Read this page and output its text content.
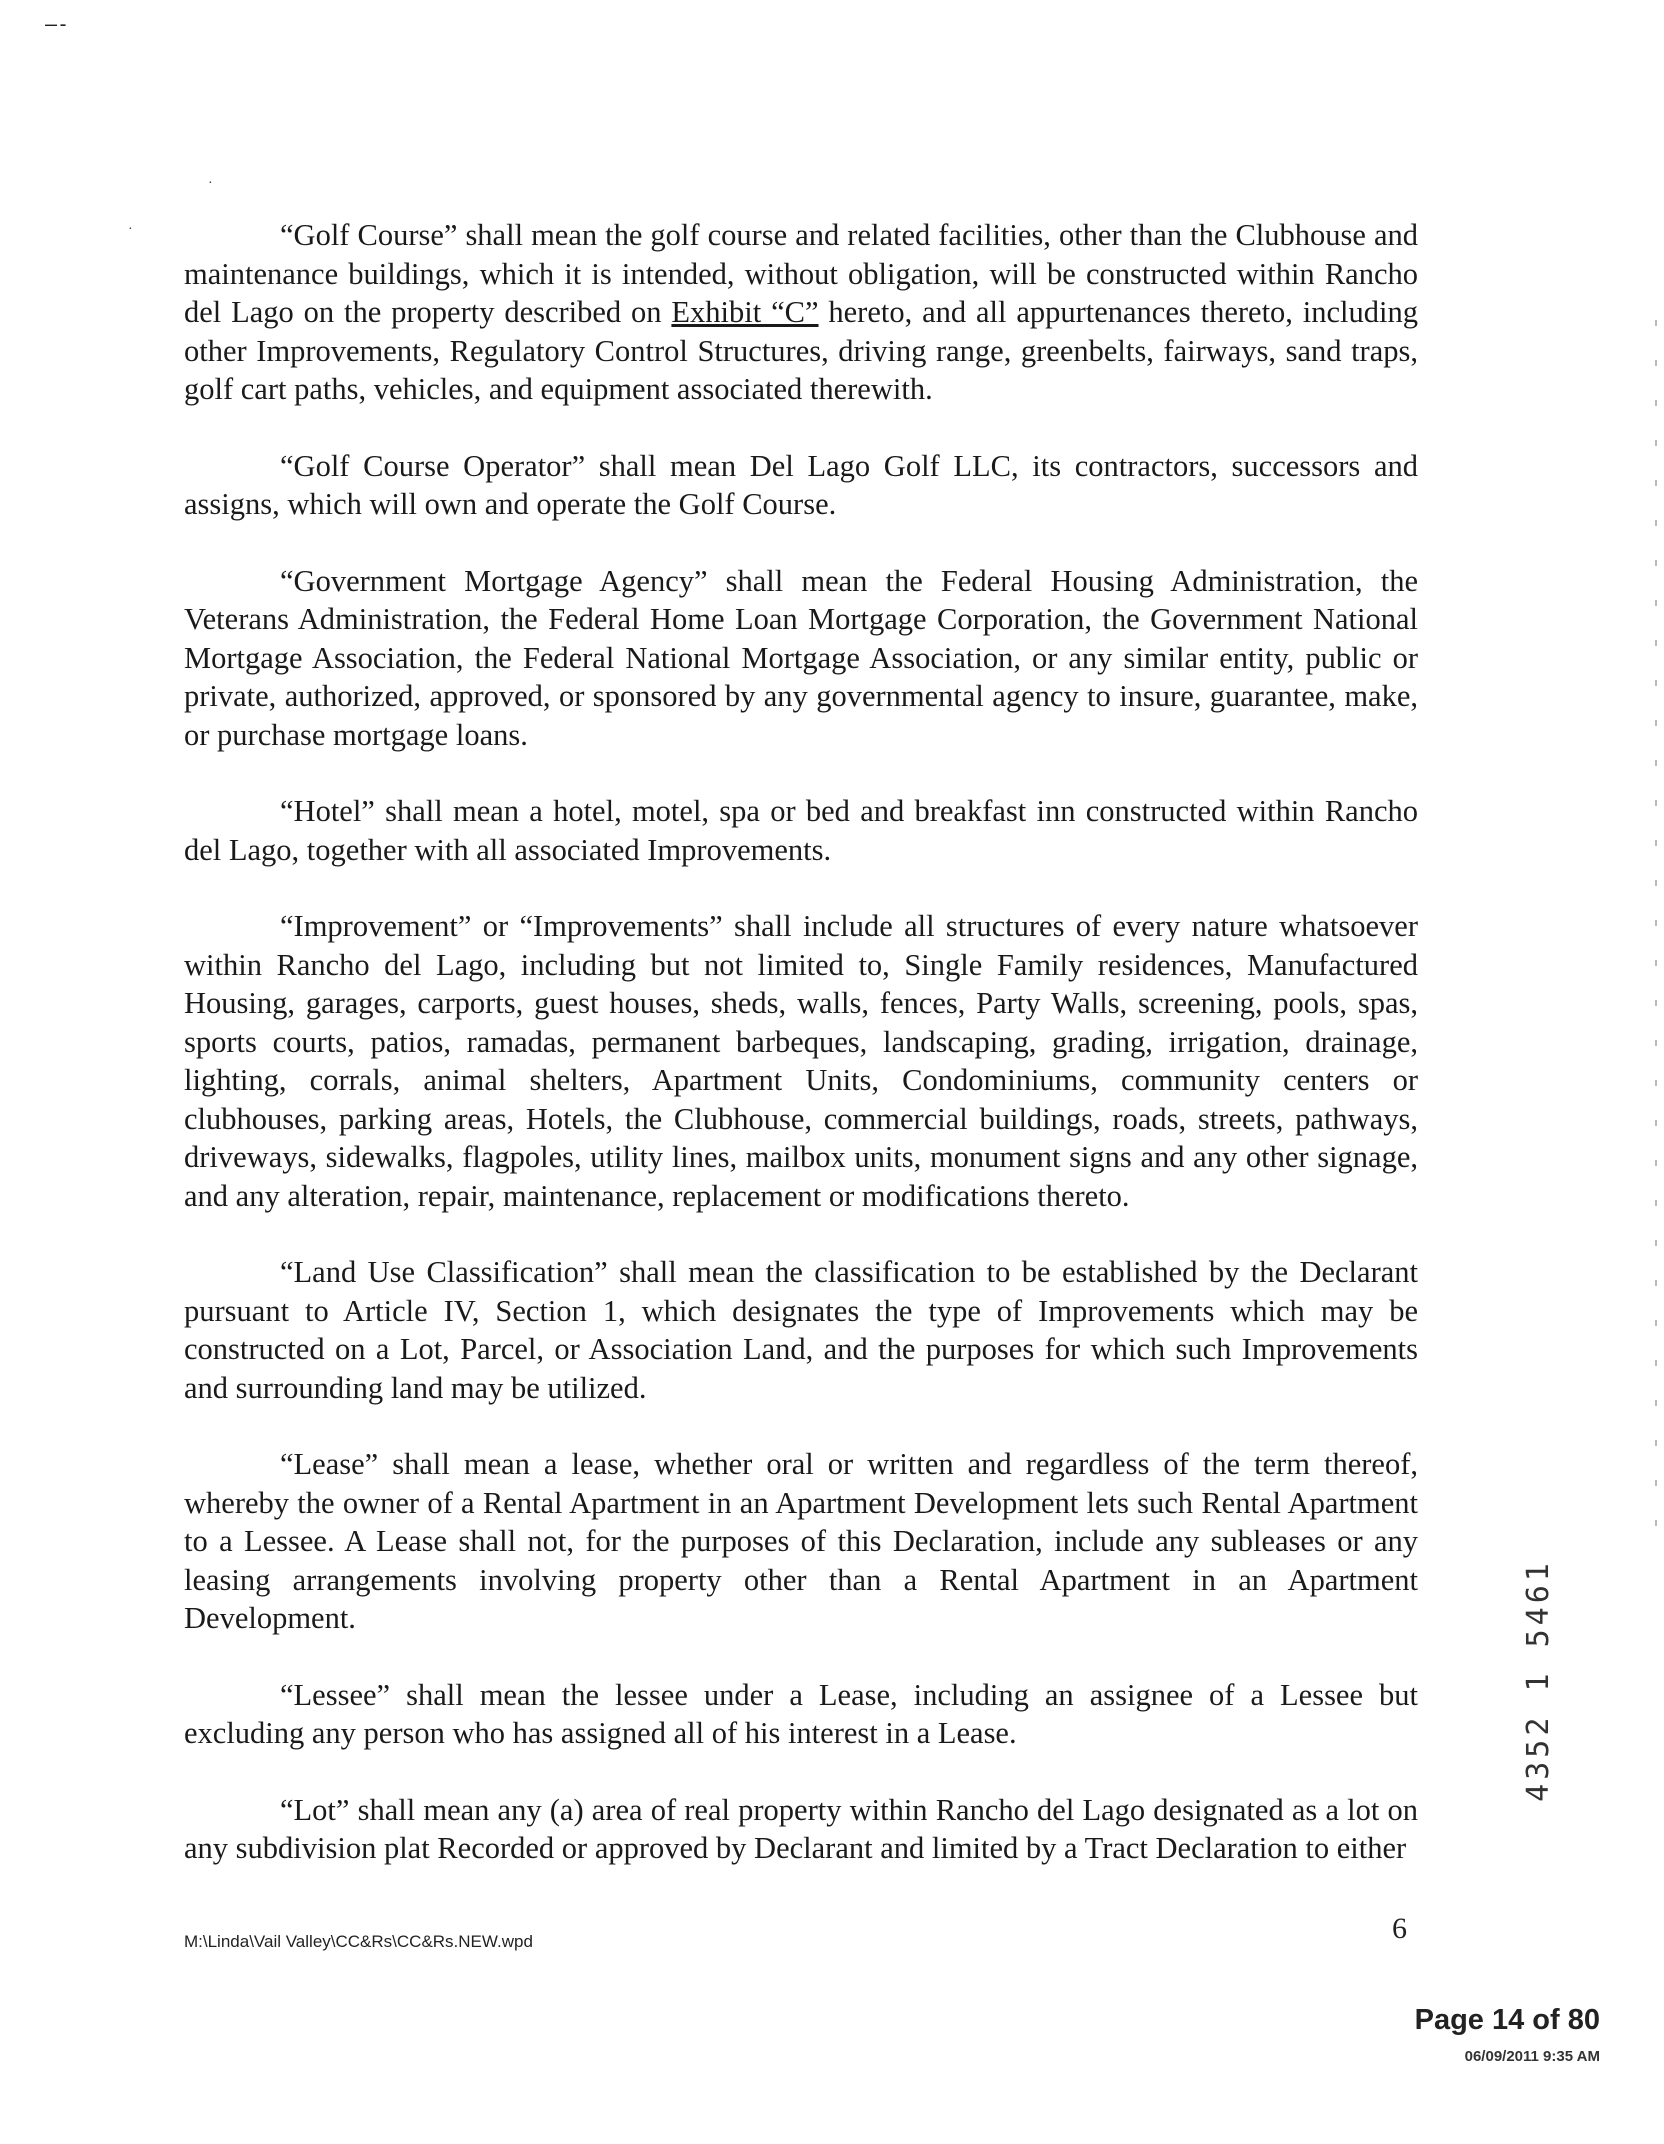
—-
·
·	“Golf Course” shall mean the golf course and related facilities, other than the Clubhouse and maintenance buildings, which it is intended, without obligation, will be constructed within Rancho del Lago on the property described on Exhibit “C” hereto, and all appurtenances thereto, including other Improvements, Regulatory Control Structures, driving range, greenbelts, fairways, sand traps, golf cart paths, vehicles, and equipment associated therewith.

“Golf Course Operator” shall mean Del Lago Golf LLC, its contractors, successors and assigns, which will own and operate the Golf Course.

“Government Mortgage Agency” shall mean the Federal Housing Administration, the Veterans Administration, the Federal Home Loan Mortgage Corporation, the Government National Mortgage Association, the Federal National Mortgage Association, or any similar entity, public or private, authorized, approved, or sponsored by any governmental agency to insure, guarantee, make, or purchase mortgage loans.

“Hotel” shall mean a hotel, motel, spa or bed and breakfast inn constructed within Rancho del Lago, together with all associated Improvements.

“Improvement” or “Improvements” shall include all structures of every nature whatsoever within Rancho del Lago, including but not limited to, Single Family residences, Manufactured Housing, garages, carports, guest houses, sheds, walls, fences, Party Walls, screening, pools, spas, sports courts, patios, ramadas, permanent barbeques, landscaping, grading, irrigation, drainage, lighting, corrals, animal shelters, Apartment Units, Condominiums, community centers or clubhouses, parking areas, Hotels, the Clubhouse, commercial buildings, roads, streets, pathways, driveways, sidewalks, flagpoles, utility lines, mailbox units, monument signs and any other signage, and any alteration, repair, maintenance, replacement or modifications thereto.

“Land Use Classification” shall mean the classification to be established by the Declarant pursuant to Article IV, Section 1, which designates the type of Improvements which may be constructed on a Lot, Parcel, or Association Land, and the purposes for which such Improvements and surrounding land may be utilized.

“Lease” shall mean a lease, whether oral or written and regardless of the term thereof, whereby the owner of a Rental Apartment in an Apartment Development lets such Rental Apartment to a Lessee. A Lease shall not, for the purposes of this Declaration, include any subleases or any leasing arrangements involving property other than a Rental Apartment in an Apartment Development.

“Lessee” shall mean the lessee under a Lease, including an assignee of a Lessee but excluding any person who has assigned all of his interest in a Lease.

“Lot” shall mean any (a) area of real property within Rancho del Lago designated as a lot on any subdivision plat Recorded or approved by Declarant and limited by a Tract Declaration to either

M:\Linda\Vail Valley\CC&Rs\CC&Rs.NEW.wpd	6
4352 1 5461
Page 14 of 80
06/09/2011 9:35 AM
